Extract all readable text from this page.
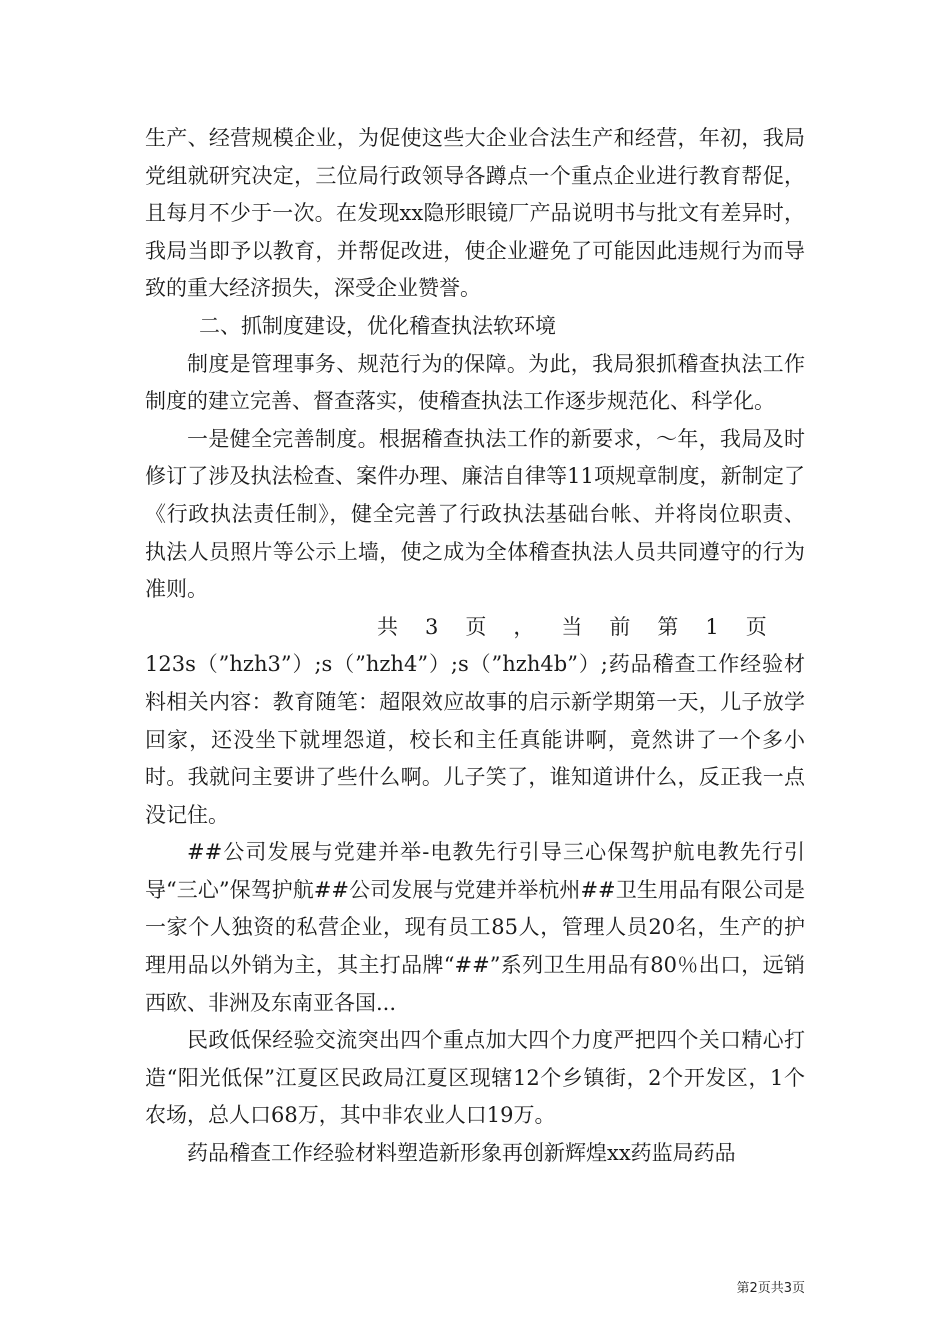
生产、经营规模企业，为促使这些大企业合法生产和经营，年初，我局党组就研究决定，三位局行政领导各蹲点一个重点企业进行教育帮促，且每月不少于一次。在发现xx隐形眼镜厂产品说明书与批文有差异时，我局当即予以教育，并帮促改进，使企业避免了可能因此违规行为而导致的重大经济损失，深受企业赞誉。

二、抓制度建设，优化稽查执法软环境

制度是管理事务、规范行为的保障。为此，我局狠抓稽查执法工作制度的建立完善、督查落实，使稽查执法工作逐步规范化、科学化。

一是健全完善制度。根据稽查执法工作的新要求，～年，我局及时修订了涉及执法检查、案件办理、廉洁自律等11项规章制度，新制定了《行政执法责任制》，健全完善了行政执法基础台帐、并将岗位职责、执法人员照片等公示上墙，使之成为全体稽查执法人员共同遵守的行为准则。

共3页，当前第1页

123s（”hzh3”）;s（”hzh4”）;s（”hzh4b”）;药品稽查工作经验材料相关内容：教育随笔：超限效应故事的启示新学期第一天，儿子放学回家，还没坐下就埋怨道，校长和主任真能讲啊，竟然讲了一个多小时。我就问主要讲了些什么啊。儿子笑了，谁知道讲什么，反正我一点没记住。

##公司发展与党建并举-电教先行引导三心保驾护航电教先行引导“三心”保驾护航##公司发展与党建并举杭州##卫生用品有限公司是一家个人独资的私营企业，现有员工85人，管理人员20名，生产的护理用品以外销为主，其主打品牌“##”系列卫生用品有80％出口，远销西欧、非洲及东南亚各国...

民政低保经验交流突出四个重点加大四个力度严把四个关口精心打造“阳光低保”江夏区民政局江夏区现辖12个乡镇街，2个开发区，1个农场，总人口68万，其中非农业人口19万。

药品稽查工作经验材料塑造新形象再创新辉煌xx药监局药品

第2页共3页
